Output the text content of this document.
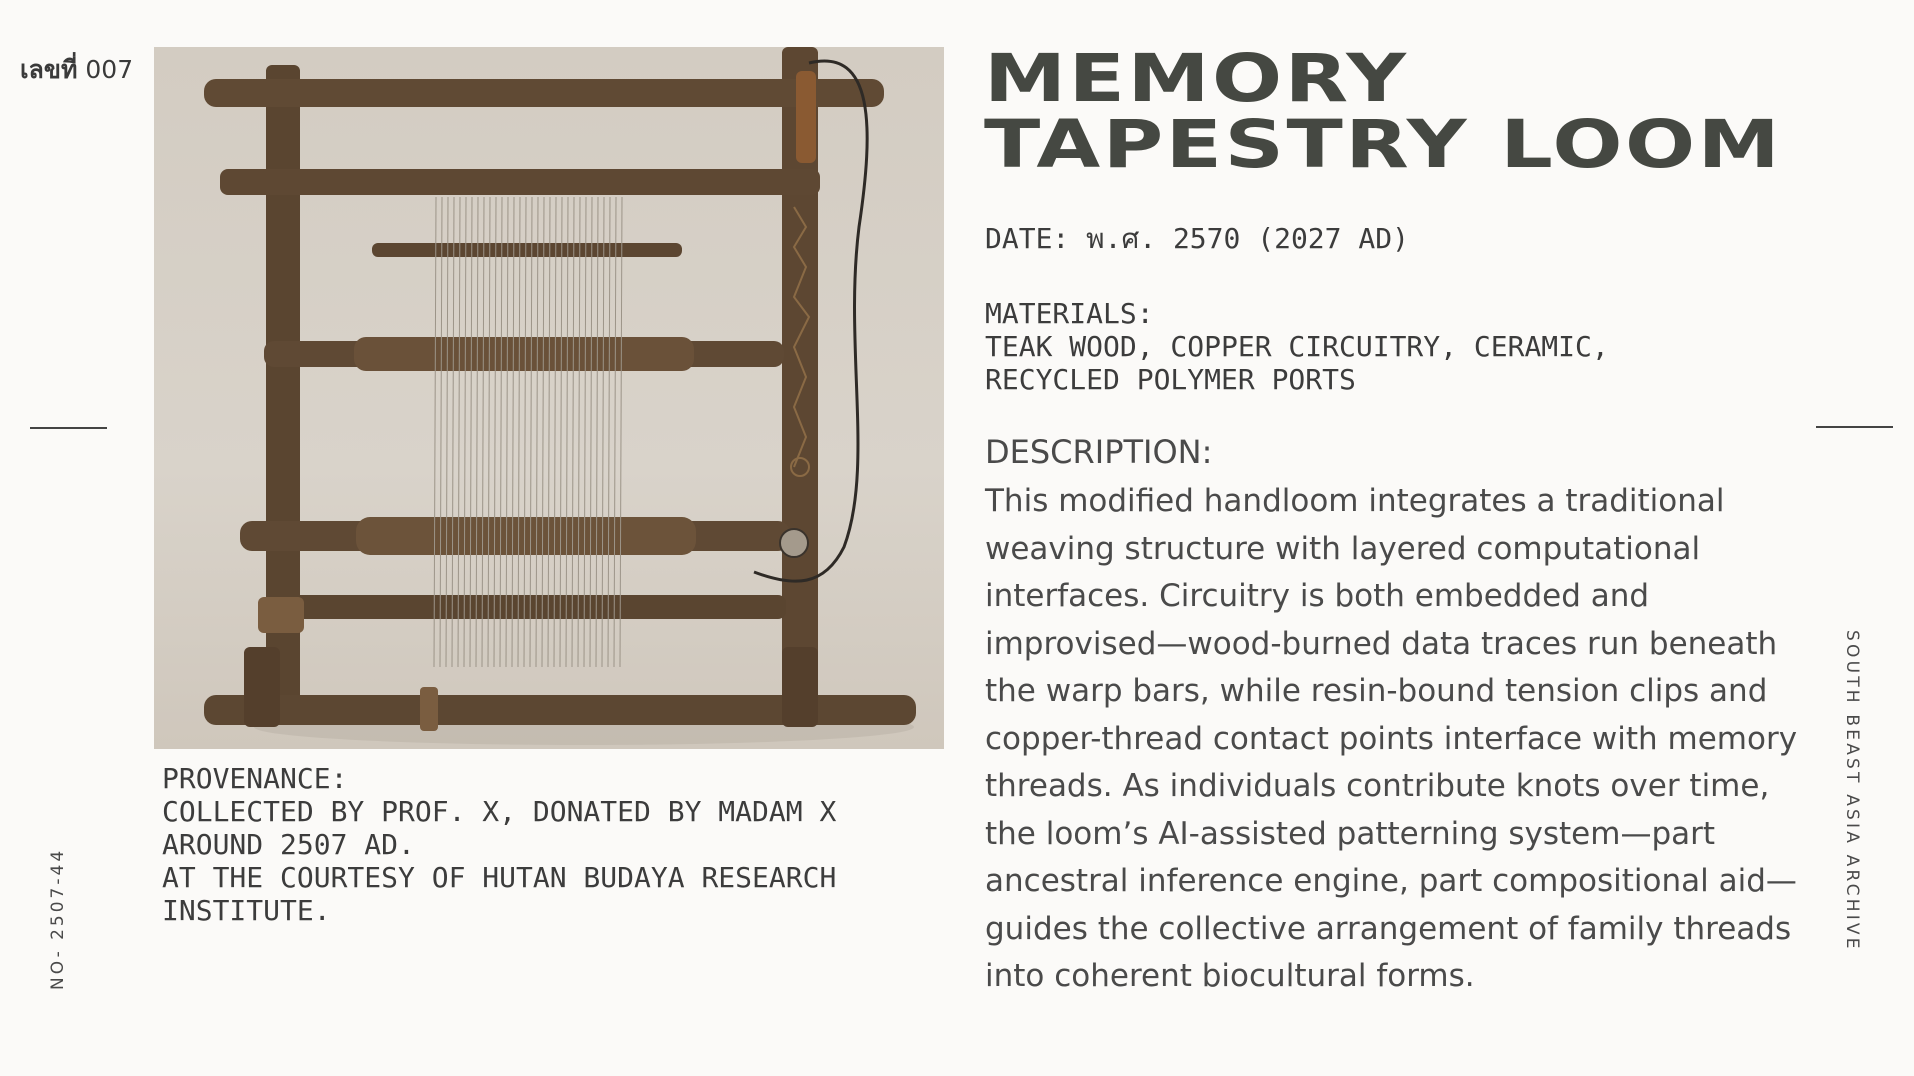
เลขที่ 007
NO- 2507-44	SOUTH BEAST ASIA ARCHIVE
PROVENANCE:
COLLECTED BY PROF. X, DONATED BY MADAM X
AROUND 2507 AD.
AT THE COURTESY OF HUTAN BUDAYA RESEARCH
INSTITUTE.
MEMORY
TAPESTRY LOOM
DATE: พ.ศ. 2570 (2027 AD)
MATERIALS:
TEAK WOOD, COPPER CIRCUITRY, CERAMIC,
RECYCLED POLYMER PORTS
DESCRIPTION:
This modified handloom integrates a traditional weaving structure with layered computational interfaces. Circuitry is both embedded and improvised—wood-burned data traces run beneath the warp bars, while resin-bound tension clips and copper-thread contact points interface with memory threads. As individuals contribute knots over time, the loom’s AI-assisted patterning system—part ancestral inference engine, part compositional aid—guides the collective arrangement of family threads into coherent biocultural forms.
